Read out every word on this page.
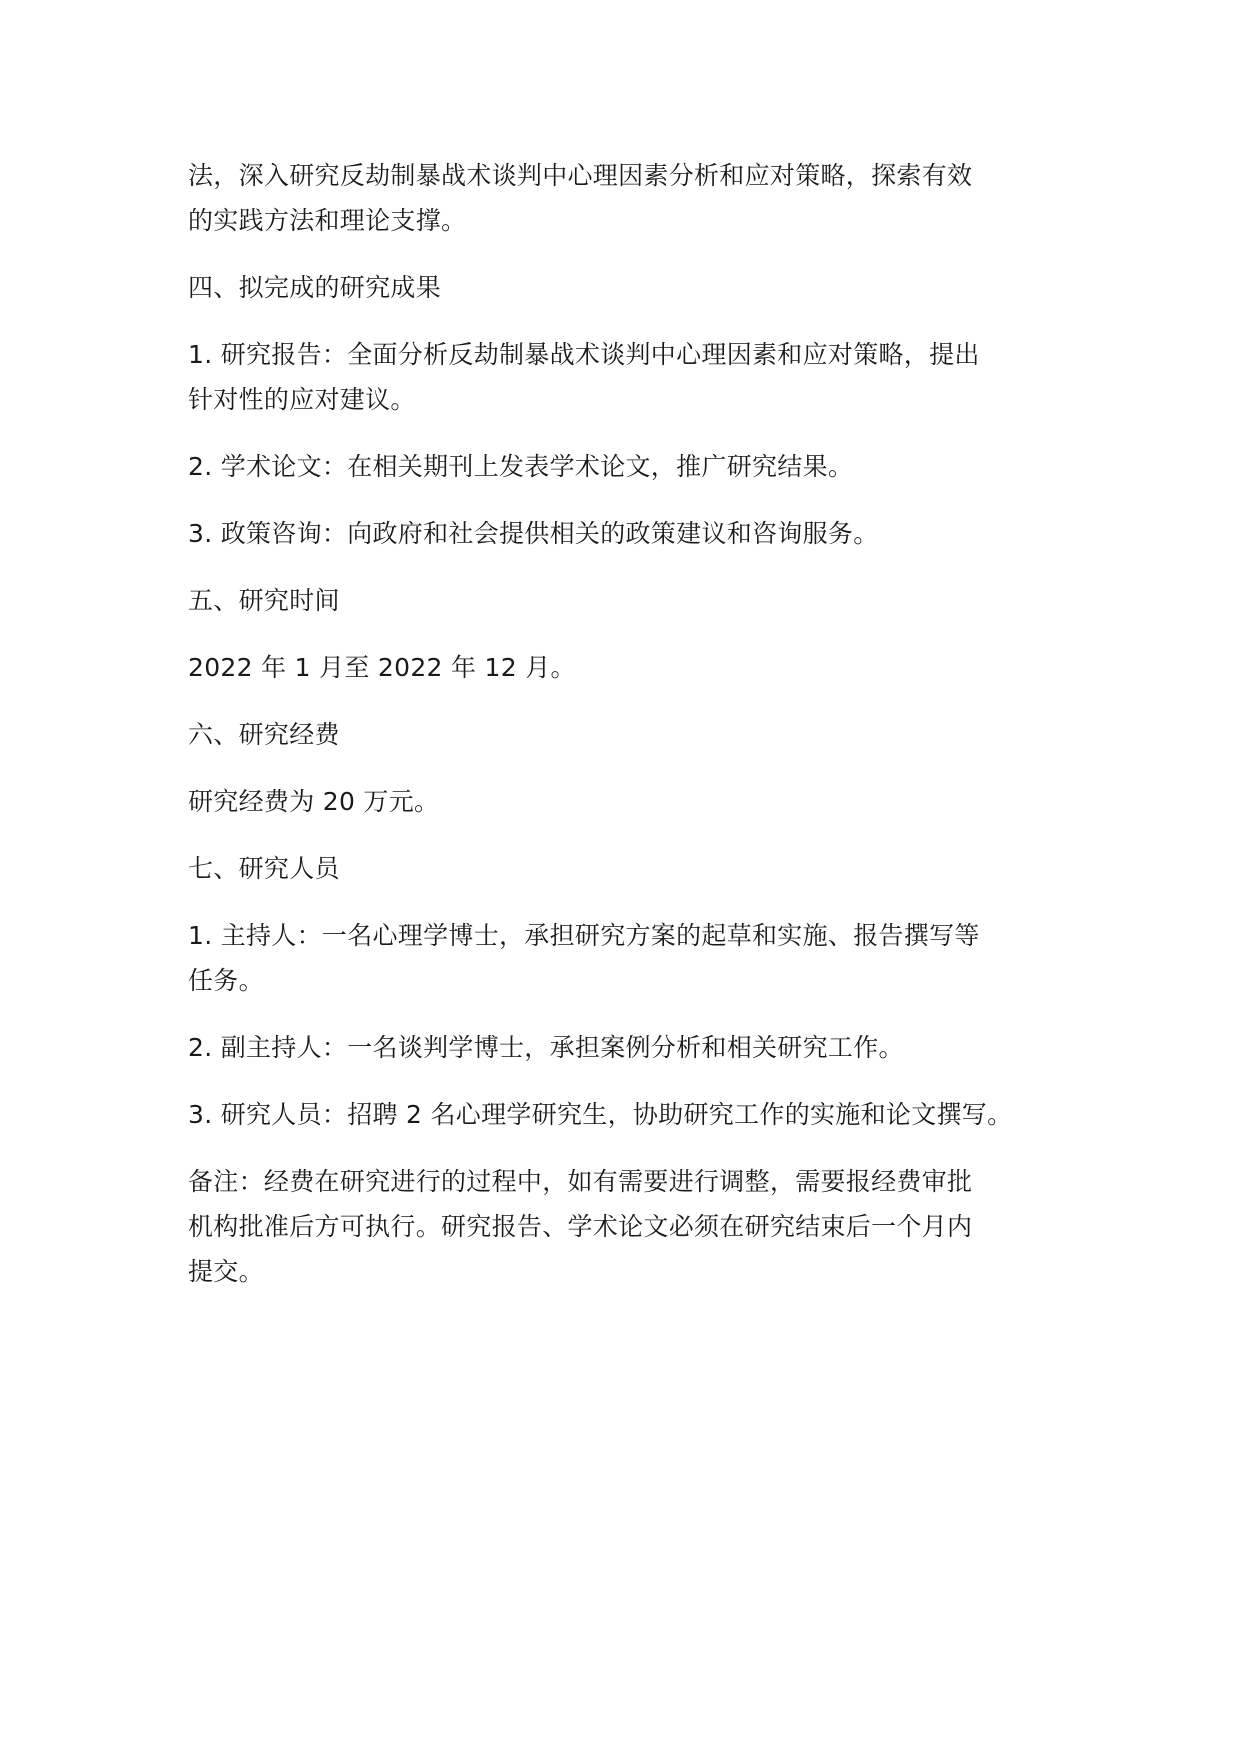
法，深入研究反劫制暴战术谈判中心理因素分析和应对策略，探索有效
的实践方法和理论支撑。

四、拟完成的研究成果

1. 研究报告：全面分析反劫制暴战术谈判中心理因素和应对策略，提出
针对性的应对建议。

2. 学术论文：在相关期刊上发表学术论文，推广研究结果。

3. 政策咨询：向政府和社会提供相关的政策建议和咨询服务。

五、研究时间

2022 年 1 月至 2022 年 12 月。

六、研究经费

研究经费为 20 万元。

七、研究人员

1. 主持人：一名心理学博士，承担研究方案的起草和实施、报告撰写等
任务。

2. 副主持人：一名谈判学博士，承担案例分析和相关研究工作。

3. 研究人员：招聘 2 名心理学研究生，协助研究工作的实施和论文撰写。

备注：经费在研究进行的过程中，如有需要进行调整，需要报经费审批
机构批准后方可执行。研究报告、学术论文必须在研究结束后一个月内
提交。
